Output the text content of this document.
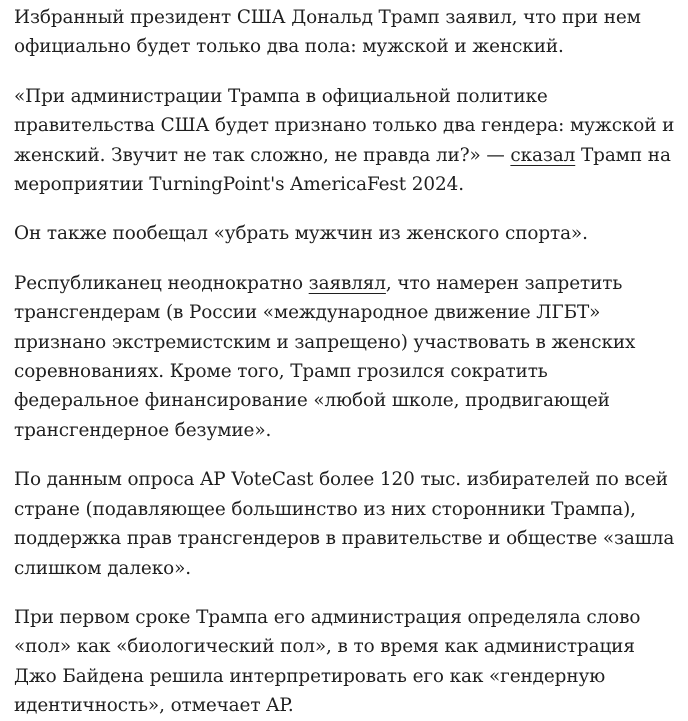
Избранный президент США Дональд Трамп заявил, что при нем официально будет только два пола: мужской и женский.

«При администрации Трампа в официальной политике правительства США будет признано только два гендера: мужской и женский. Звучит не так сложно, не правда ли?» — сказал Трамп на мероприятии TurningPoint's AmericaFest 2024.

Он также пообещал «убрать мужчин из женского спорта».

Республиканец неоднократно заявлял, что намерен запретить трансгендерам (в России «международное движение ЛГБТ» признано экстремистским и запрещено) участвовать в женских соревнованиях. Кроме того, Трамп грозился сократить федеральное финансирование «любой школе, продвигающей трансгендерное безумие».

По данным опроса AP VoteCast более 120 тыс. избирателей по всей стране (подавляющее большинство из них сторонники Трампа), поддержка прав трансгендеров в правительстве и обществе «зашла слишком далеко».

При первом сроке Трампа его администрация определяла слово «пол» как «биологический пол», в то время как администрация Джо Байдена решила интерпретировать его как «гендерную идентичность», отмечает AP.
